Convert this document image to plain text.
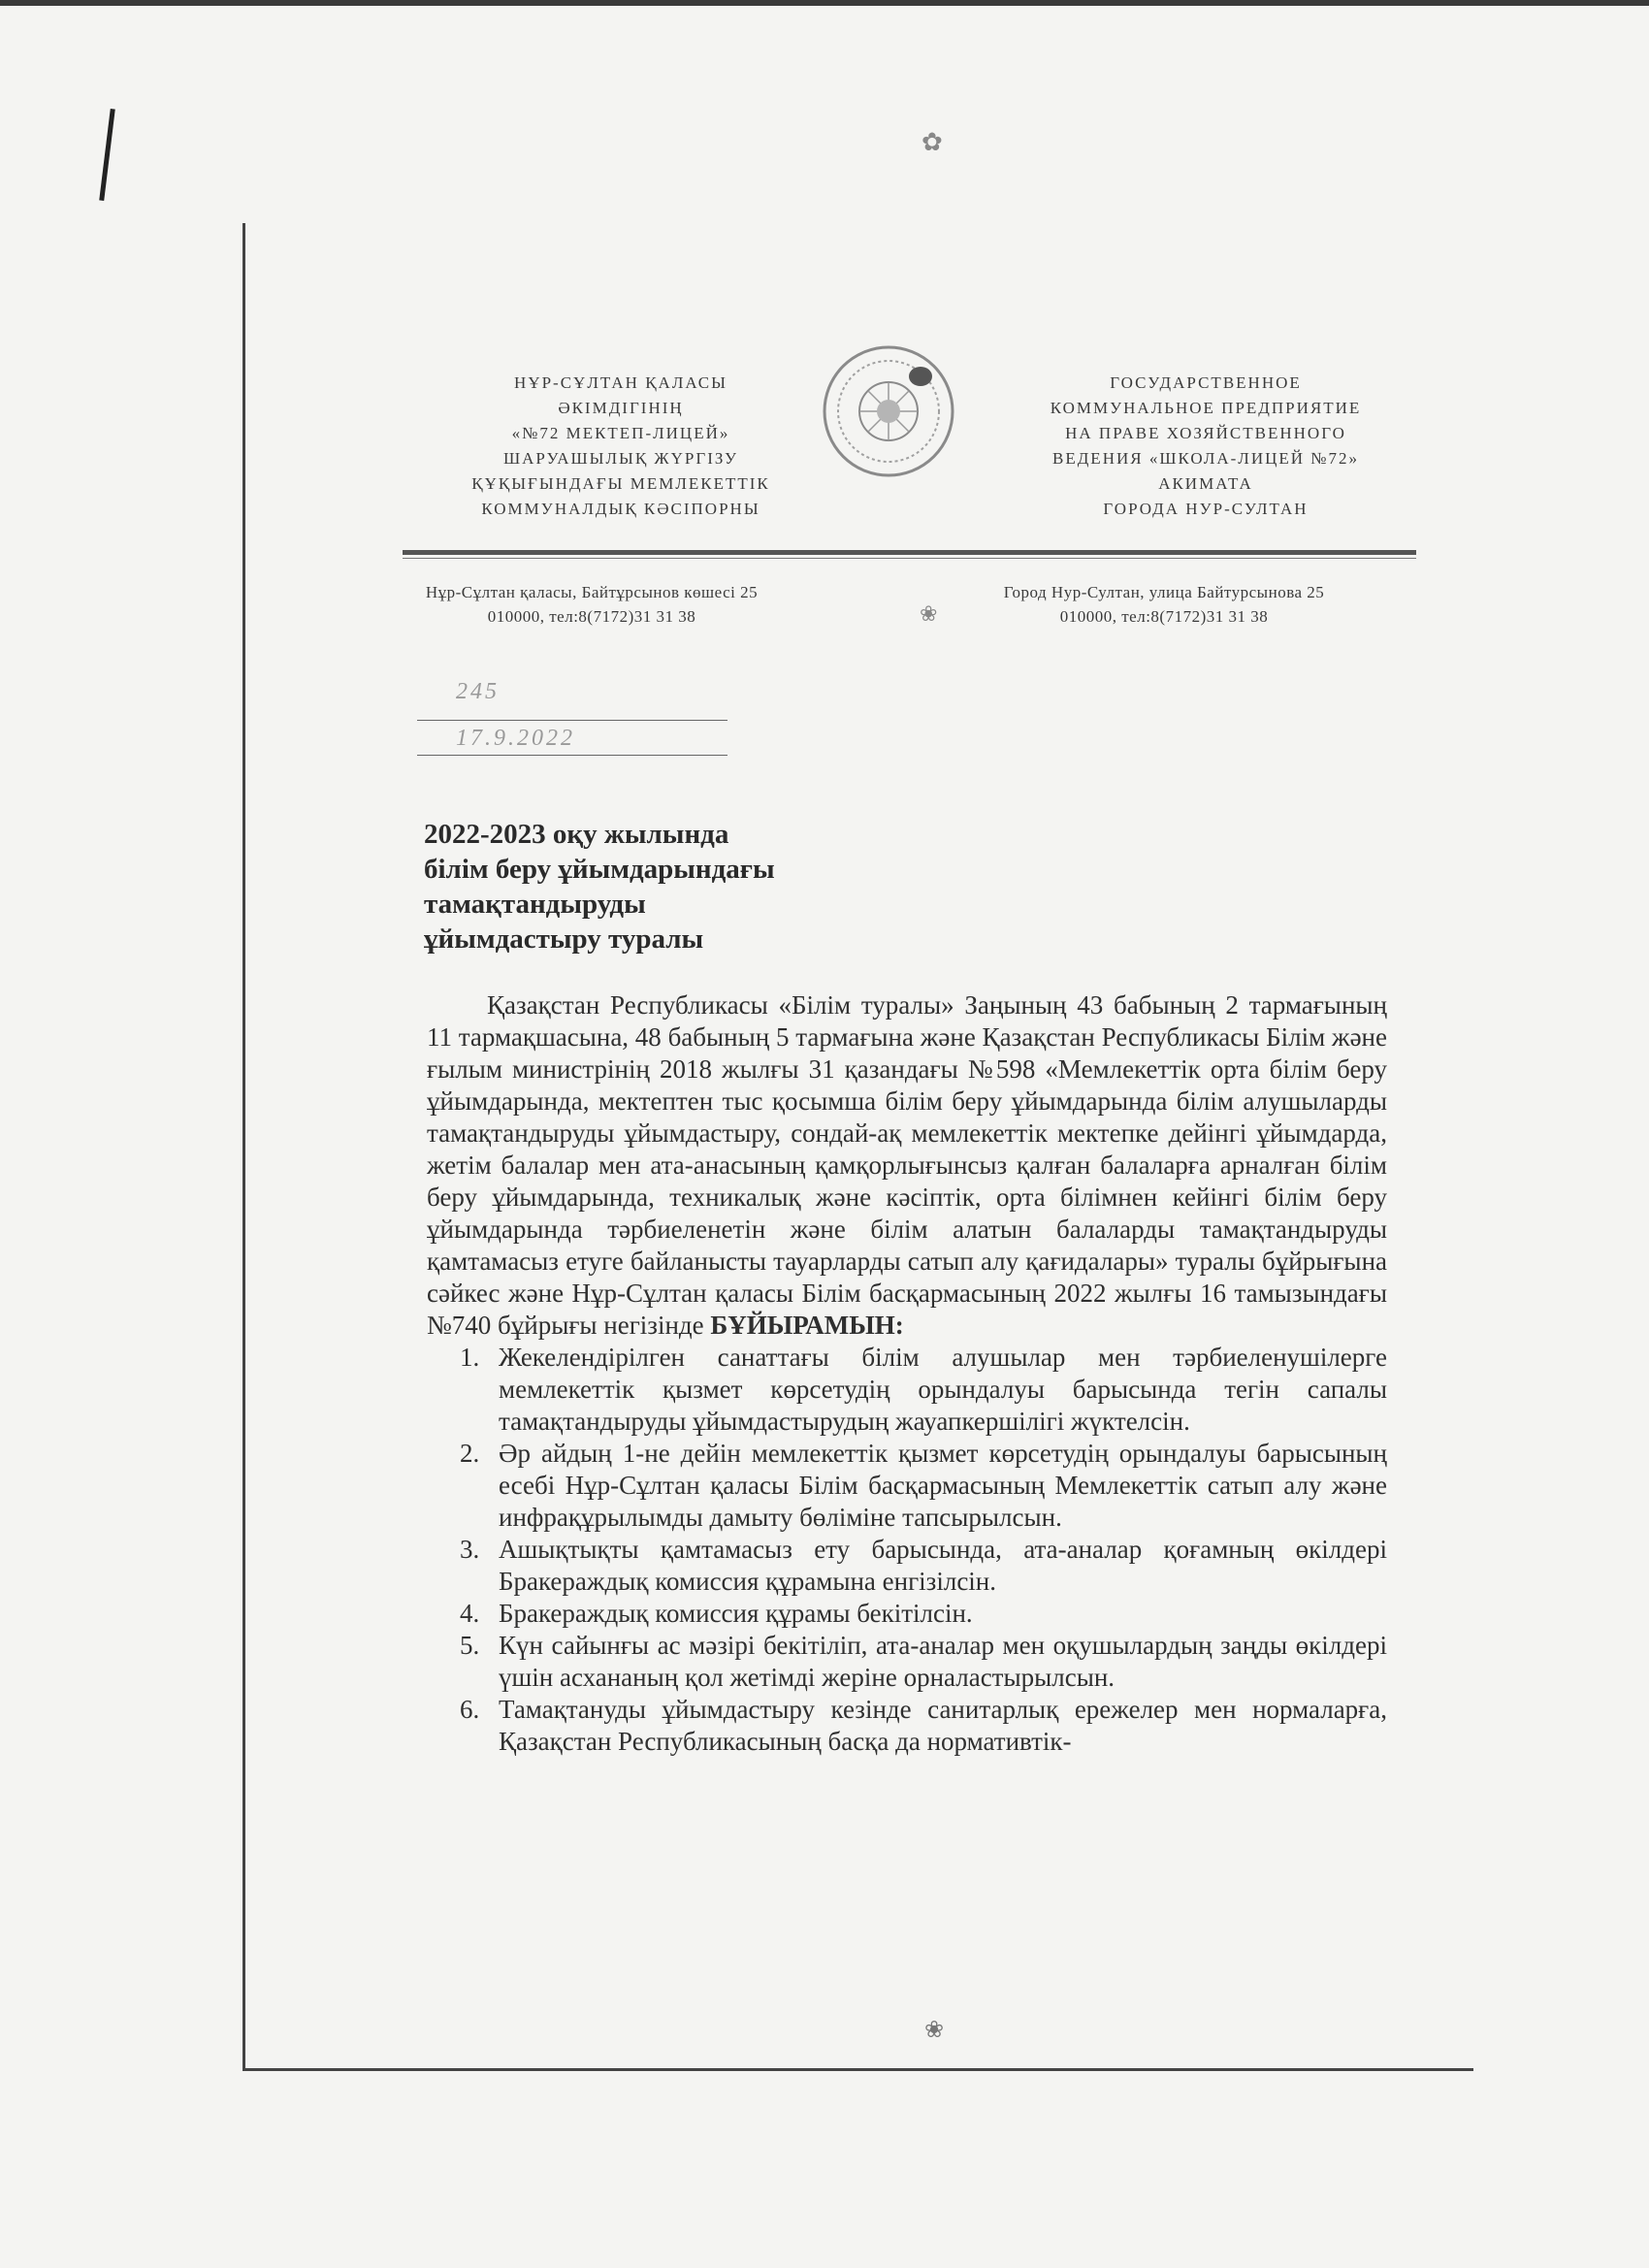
✿
❀
НҰР-СҰЛТАН ҚАЛАСЫ
ӘКІМДІГІНІҢ
«№72 МЕКТЕП-ЛИЦЕЙ»
ШАРУАШЫЛЫҚ ЖҮРГІЗУ
ҚҰҚЫҒЫНДАҒЫ МЕМЛЕКЕТТІК
КОММУНАЛДЫҚ КӘСІПОРНЫ
ГОСУДАРСТВЕННОЕ
КОММУНАЛЬНОЕ ПРЕДПРИЯТИЕ
НА ПРАВЕ ХОЗЯЙСТВЕННОГО
ВЕДЕНИЯ «ШКОЛА-ЛИЦЕЙ №72»
АКИМАТА
ГОРОДА НУР-СУЛТАН
Нұр-Сұлтан қаласы, Байтұрсынов көшесі 25
010000, тел:8(7172)31 31 38
Город Нур-Султан, улица Байтурсынова 25
010000, тел:8(7172)31 31 38
245
17.9.2022
2022-2023 оқу жылында
білім беру ұйымдарындағы
тамақтандыруды
ұйымдастыру туралы

Қазақстан Республикасы «Білім туралы» Заңының 43 бабының 2 тармағының 11 тармақшасына, 48 бабының 5 тармағына және Қазақстан Республикасы Білім және ғылым министрінің 2018 жылғы 31 қазандағы №598 «Мемлекеттік орта білім беру ұйымдарында, мектептен тыс қосымша білім беру ұйымдарында білім алушыларды тамақтандыруды ұйымдастыру, сондай-ақ мемлекеттік мектепке дейінгі ұйымдарда, жетім балалар мен ата-анасының қамқорлығынсыз қалған балаларға арналған білім беру ұйымдарында, техникалық және кәсіптік, орта білімнен кейінгі білім беру ұйымдарында тәрбиеленетін және білім алатын балаларды тамақтандыруды қамтамасыз етуге байланысты тауарларды сатып алу қағидалары» туралы бұйрығына сәйкес және Нұр-Сұлтан қаласы Білім басқармасының 2022 жылғы 16 тамызындағы №740 бұйрығы негізінде БҰЙЫРАМЫН:

1. Жекелендірілген санаттағы білім алушылар мен тәрбиеленушілерге мемлекеттік қызмет көрсетудің орындалуы барысында тегін сапалы тамақтандыруды ұйымдастырудың жауапкершілігі жүктелсін.
2. Әр айдың 1-не дейін мемлекеттік қызмет көрсетудің орындалуы барысының есебі Нұр-Сұлтан қаласы Білім басқармасының Мемлекеттік сатып алу және инфрақұрылымды дамыту бөліміне тапсырылсын.
3. Ашықтықты қамтамасыз ету барысында, ата-аналар қоғамның өкілдері Бракераждық комиссия құрамына енгізілсін.
4. Бракераждық комиссия құрамы бекітілсін.
5. Күн сайынғы ас мәзірі бекітіліп, ата-аналар мен оқушылардың заңды өкілдері үшін асхананың қол жетімді жеріне орналастырылсын.
6. Тамақтануды ұйымдастыру кезінде санитарлық ережелер мен нормаларға, Қазақстан Республикасының басқа да нормативтік-
❀
